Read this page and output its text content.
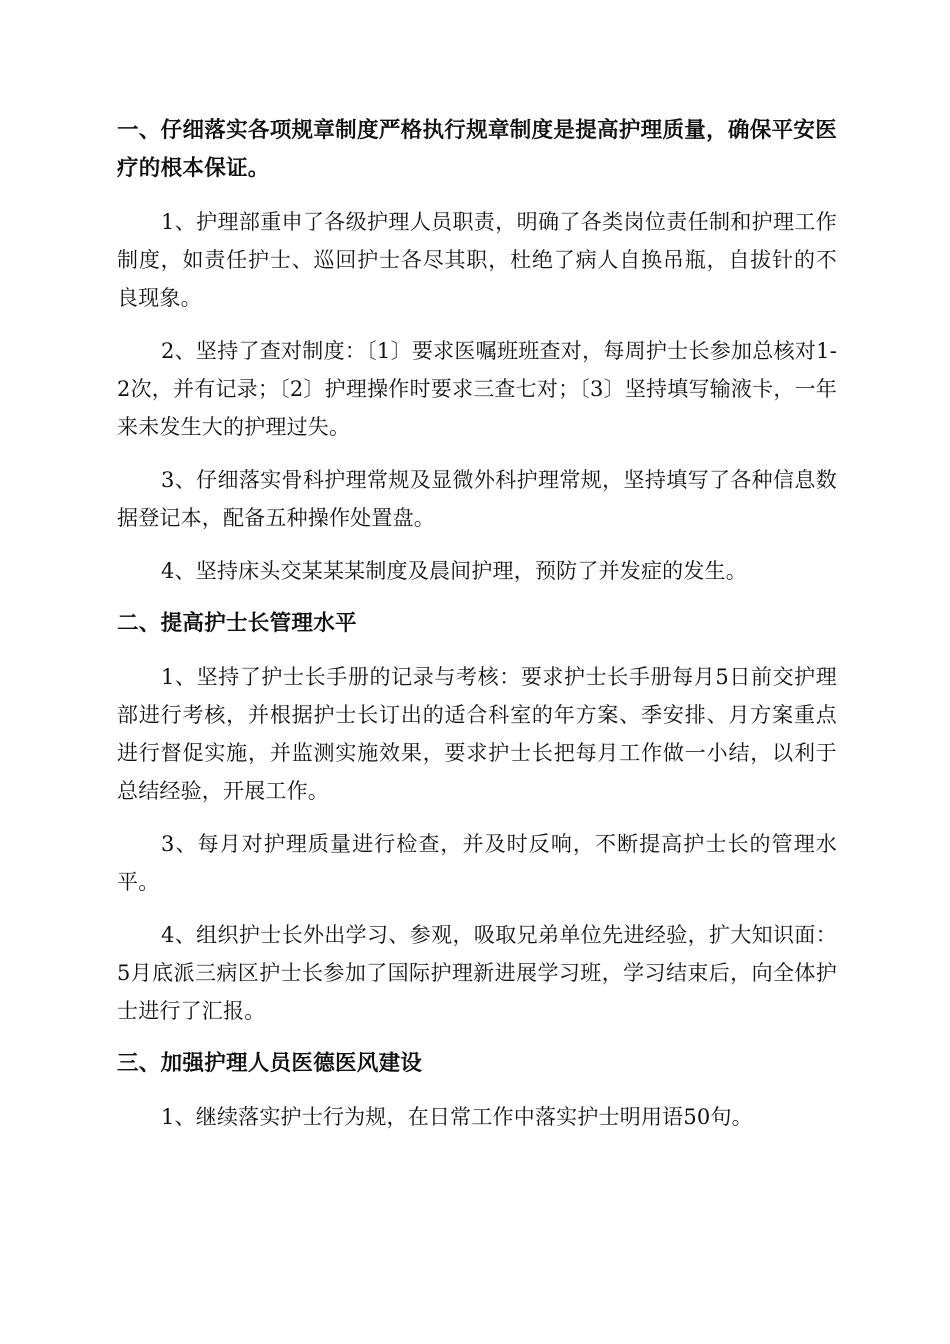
一、仔细落实各项规章制度严格执行规章制度是提高护理质量，确保平安医疗的根本保证。

1、护理部重申了各级护理人员职责，明确了各类岗位责任制和护理工作制度，如责任护士、巡回护士各尽其职，杜绝了病人自换吊瓶，自拔针的不良现象。

2、坚持了查对制度：〔1〕要求医嘱班班查对，每周护士长参加总核对1-2次，并有记录；〔2〕护理操作时要求三查七对；〔3〕坚持填写输液卡，一年来未发生大的护理过失。

3、仔细落实骨科护理常规及显微外科护理常规，坚持填写了各种信息数据登记本，配备五种操作处置盘。

4、坚持床头交某某某制度及晨间护理，预防了并发症的发生。

二、提高护士长管理水平

1、坚持了护士长手册的记录与考核：要求护士长手册每月5日前交护理部进行考核，并根据护士长订出的适合科室的年方案、季安排、月方案重点进行督促实施，并监测实施效果，要求护士长把每月工作做一小结，以利于总结经验，开展工作。

3、每月对护理质量进行检查，并及时反响，不断提高护士长的管理水平。

4、组织护士长外出学习、参观，吸取兄弟单位先进经验，扩大知识面：5月底派三病区护士长参加了国际护理新进展学习班，学习结束后，向全体护士进行了汇报。

三、加强护理人员医德医风建设

1、继续落实护士行为规，在日常工作中落实护士明用语50句。
